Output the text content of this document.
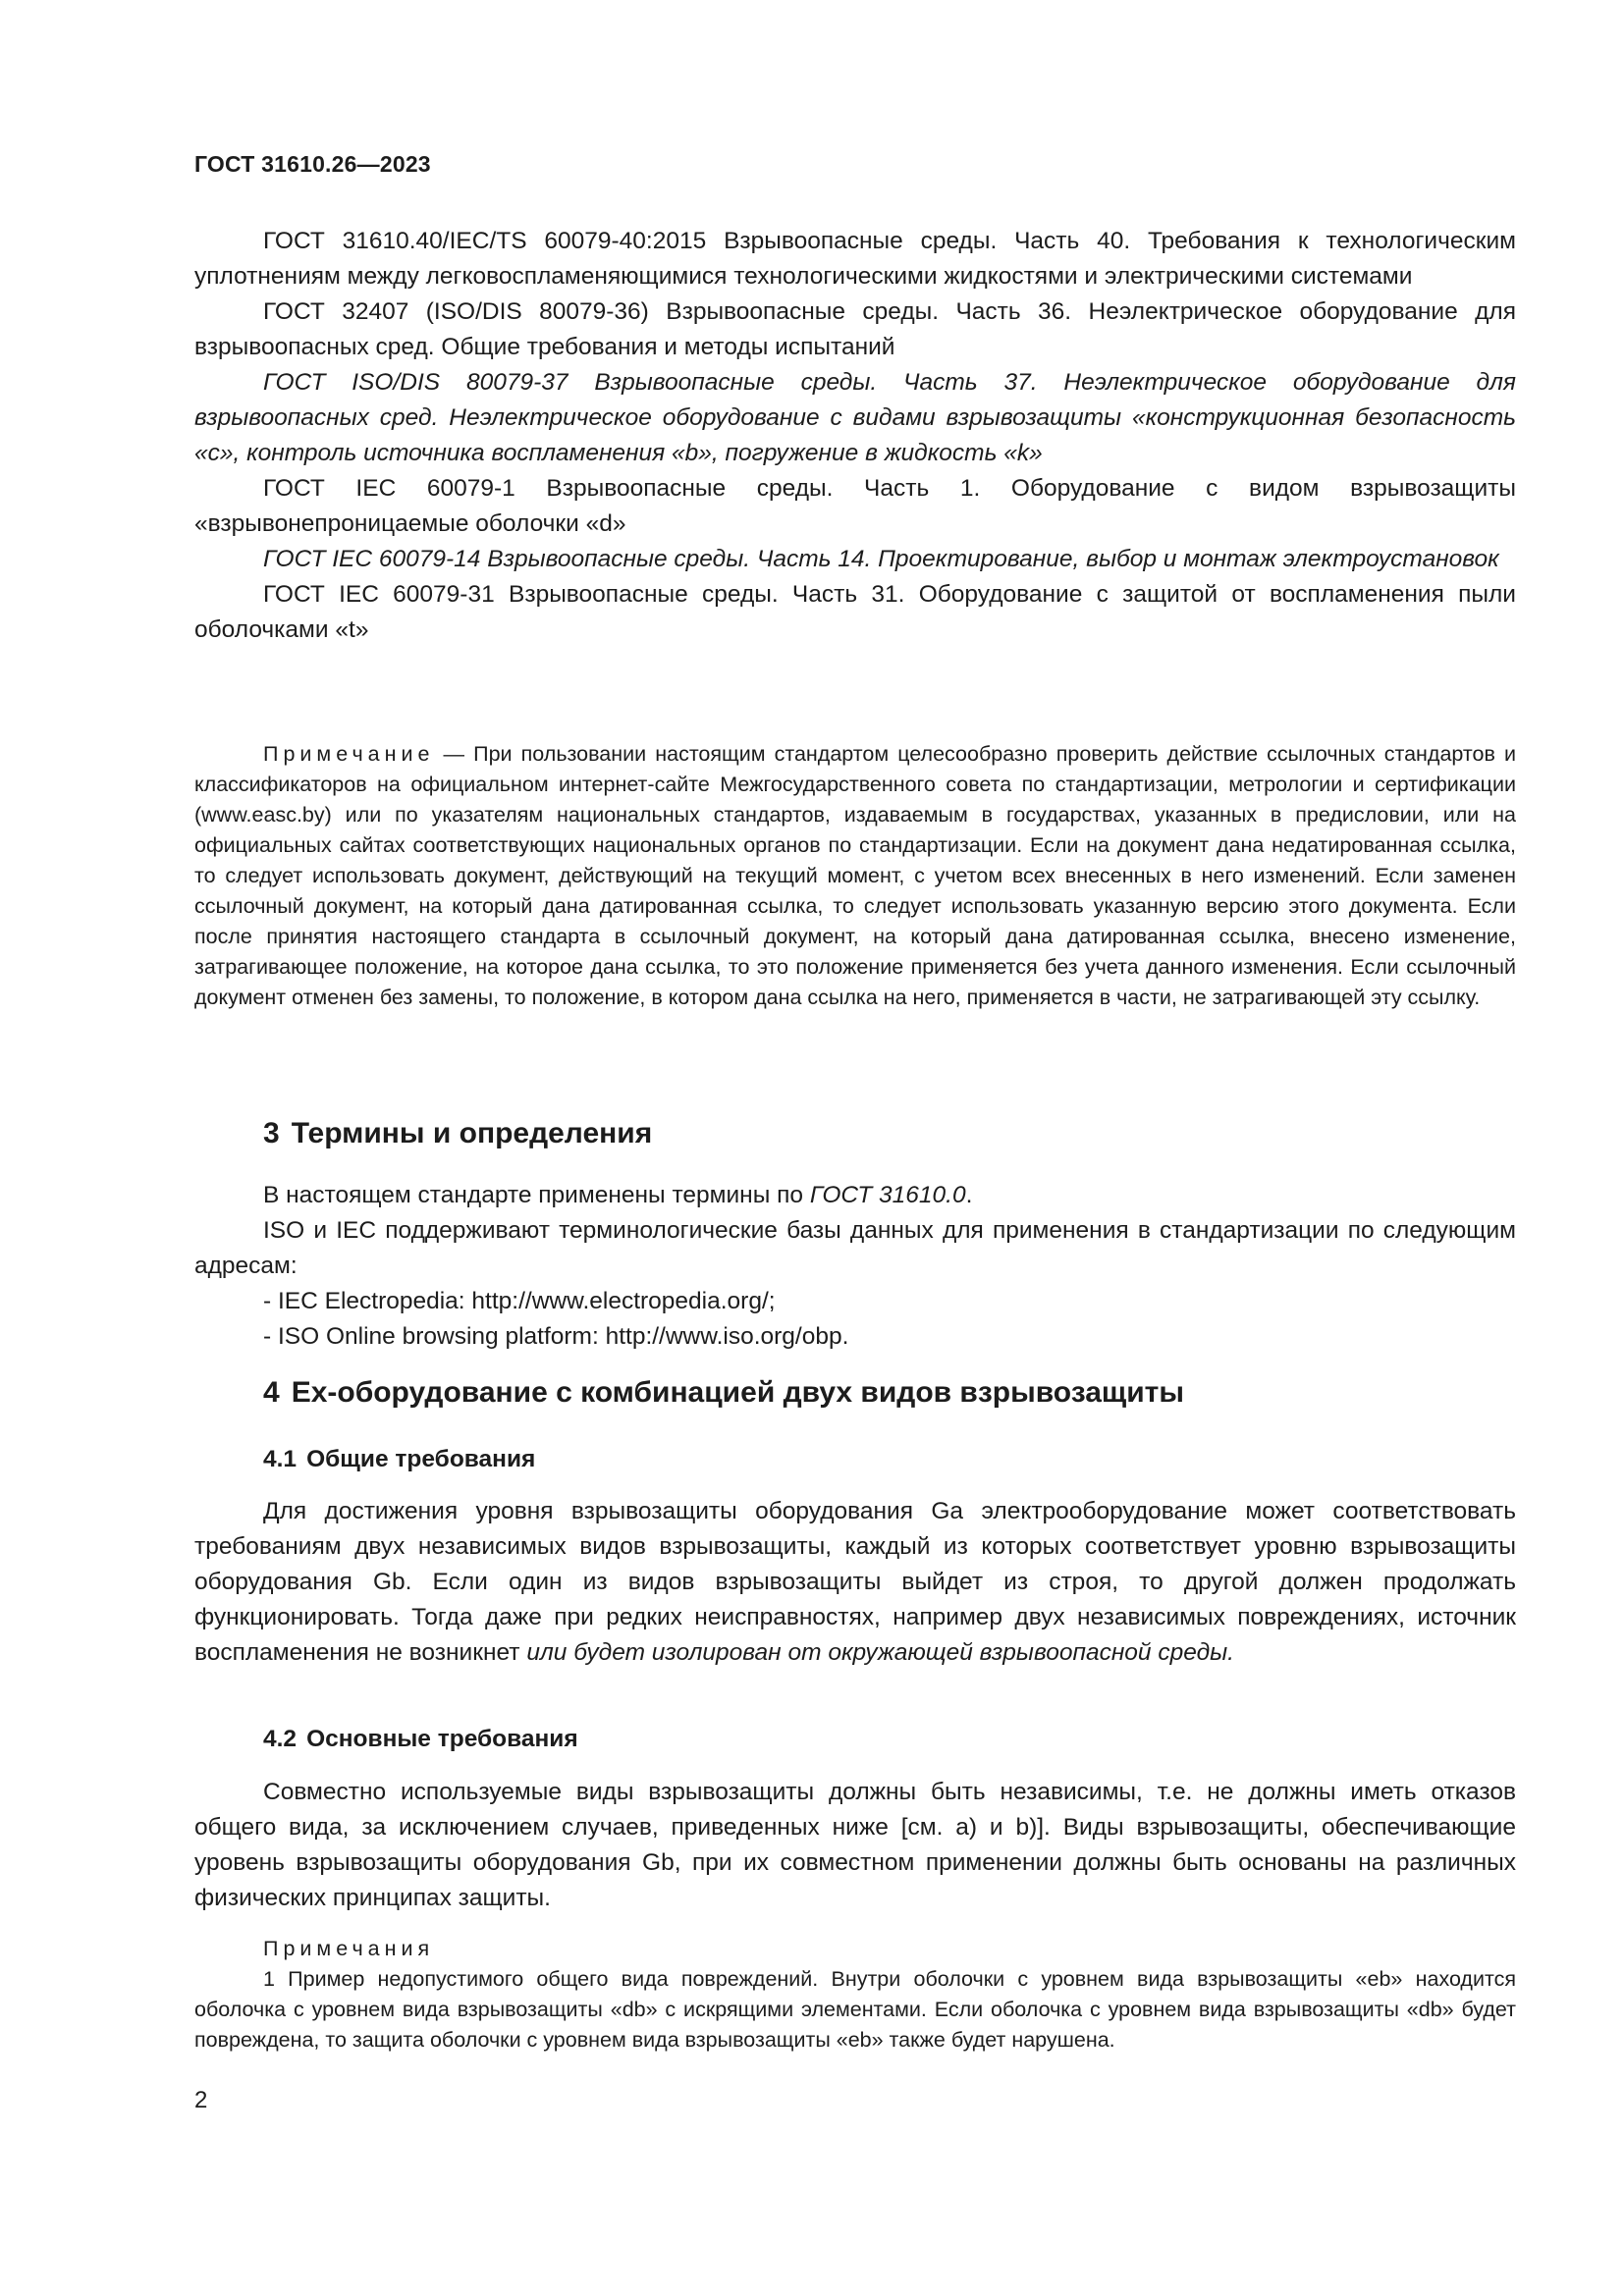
ГОСТ 31610.26—2023

ГОСТ 31610.40/IEC/TS 60079-40:2015 Взрывоопасные среды. Часть 40. Требования к технологическим уплотнениям между легковоспламеняющимися технологическими жидкостями и электрическими системами

ГОСТ 32407 (ISO/DIS 80079-36) Взрывоопасные среды. Часть 36. Неэлектрическое оборудование для взрывоопасных сред. Общие требования и методы испытаний

ГОСТ ISO/DIS 80079-37 Взрывоопасные среды. Часть 37. Неэлектрическое оборудование для взрывоопасных сред. Неэлектрическое оборудование с видами взрывозащиты «конструкционная безопасность «с», контроль источника воспламенения «b», погружение в жидкость «k»

ГОСТ IEC 60079-1 Взрывоопасные среды. Часть 1. Оборудование с видом взрывозащиты «взрывонепроницаемые оболочки «d»

ГОСТ IEC 60079-14 Взрывоопасные среды. Часть 14. Проектирование, выбор и монтаж электроустановок

ГОСТ IEC 60079-31 Взрывоопасные среды. Часть 31. Оборудование с защитой от воспламенения пыли оболочками «t»

Примечание — При пользовании настоящим стандартом целесообразно проверить действие ссылочных стандартов и классификаторов на официальном интернет-сайте Межгосударственного совета по стандартизации, метрологии и сертификации (www.easc.by) или по указателям национальных стандартов, издаваемым в государствах, указанных в предисловии, или на официальных сайтах соответствующих национальных органов по стандартизации. Если на документ дана недатированная ссылка, то следует использовать документ, действующий на текущий момент, с учетом всех внесенных в него изменений. Если заменен ссылочный документ, на который дана датированная ссылка, то следует использовать указанную версию этого документа. Если после принятия настоящего стандарта в ссылочный документ, на который дана датированная ссылка, внесено изменение, затрагивающее положение, на которое дана ссылка, то это положение применяется без учета данного изменения. Если ссылочный документ отменен без замены, то положение, в котором дана ссылка на него, применяется в части, не затрагивающей эту ссылку.

3 Термины и определения

В настоящем стандарте применены термины по ГОСТ 31610.0.

ISO и IEC поддерживают терминологические базы данных для применения в стандартизации по следующим адресам:

- IEC Electropedia: http://www.electropedia.org/;

- ISO Online browsing platform: http://www.iso.org/obp.

4 Ех-оборудование с комбинацией двух видов взрывозащиты

4.1 Общие требования

Для достижения уровня взрывозащиты оборудования Ga электрооборудование может соответствовать требованиям двух независимых видов взрывозащиты, каждый из которых соответствует уровню взрывозащиты оборудования Gb. Если один из видов взрывозащиты выйдет из строя, то другой должен продолжать функционировать. Тогда даже при редких неисправностях, например двух независимых повреждениях, источник воспламенения не возникнет или будет изолирован от окружающей взрывоопасной среды.

4.2 Основные требования

Совместно используемые виды взрывозащиты должны быть независимы, т.е. не должны иметь отказов общего вида, за исключением случаев, приведенных ниже [см. а) и b)]. Виды взрывозащиты, обеспечивающие уровень взрывозащиты оборудования Gb, при их совместном применении должны быть основаны на различных физических принципах защиты.

Примечания

1 Пример недопустимого общего вида повреждений. Внутри оболочки с уровнем вида взрывозащиты «eb» находится оболочка с уровнем вида взрывозащиты «db» с искрящими элементами. Если оболочка с уровнем вида взрывозащиты «db» будет повреждена, то защита оболочки с уровнем вида взрывозащиты «eb» также будет нарушена.

2
